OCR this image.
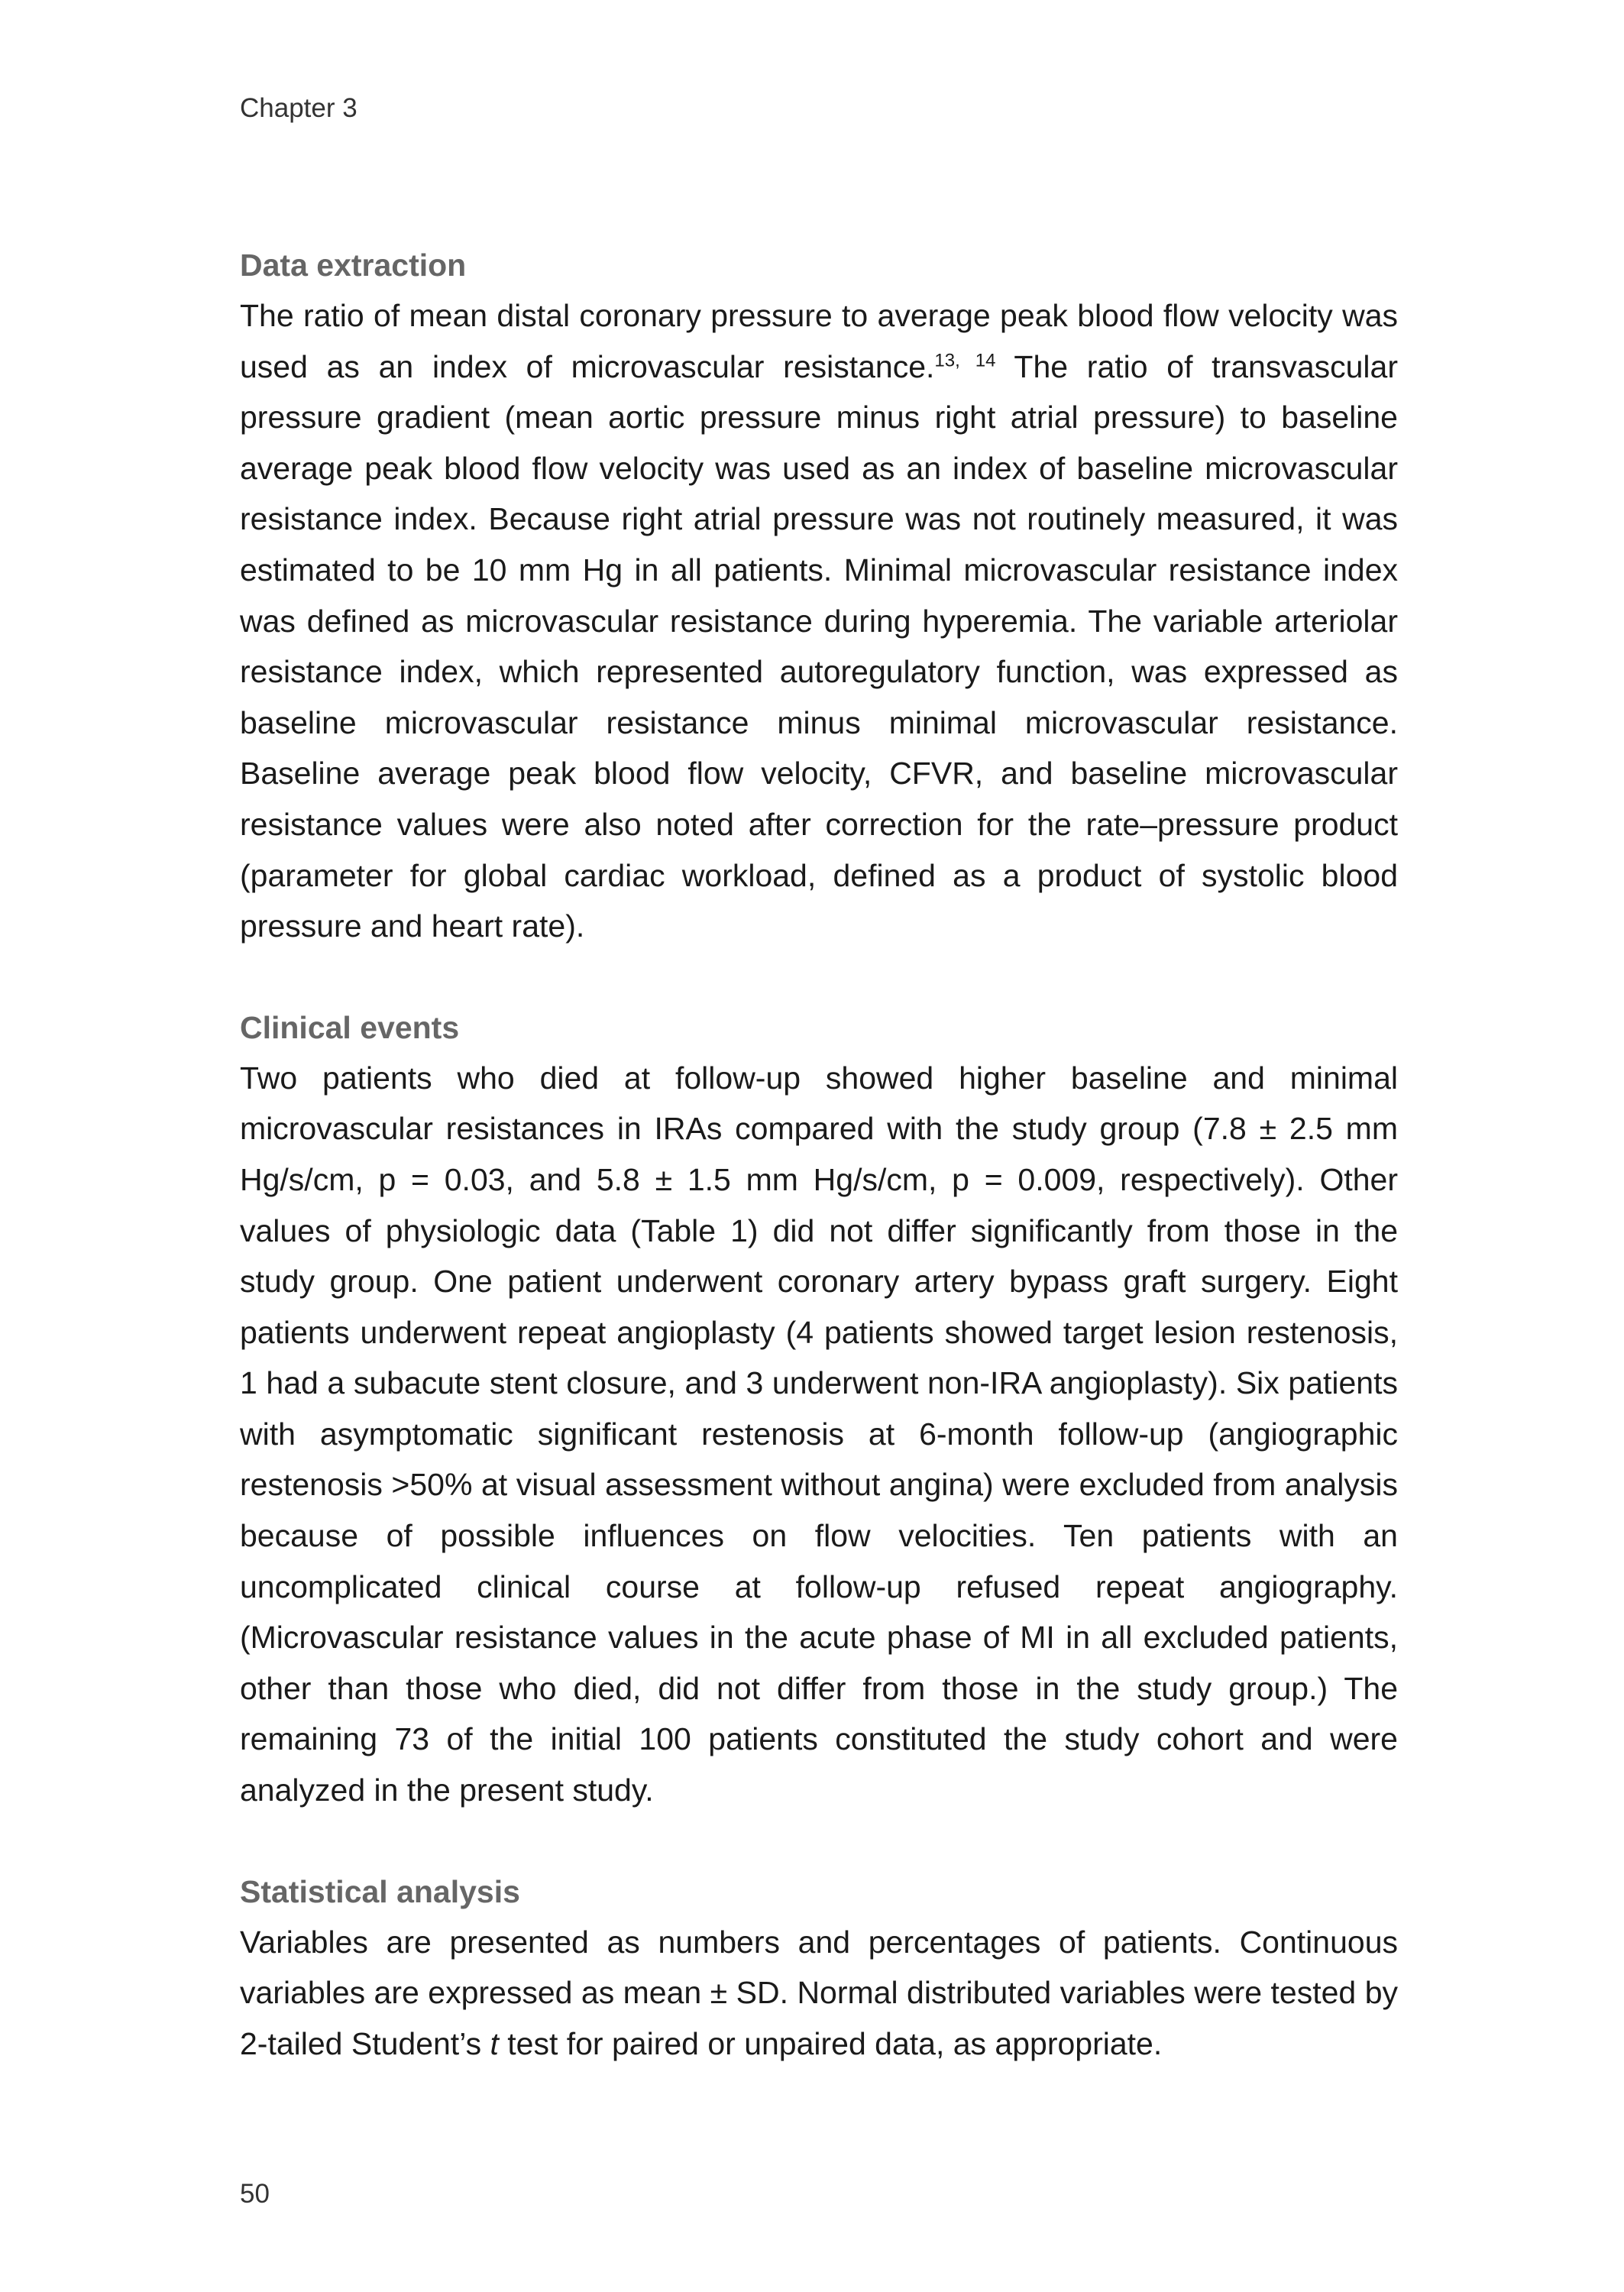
Chapter 3
Data extraction

The ratio of mean distal coronary pressure to average peak blood flow velocity was used as an index of microvascular resistance.$^{13, 14}$ The ratio of transvascular pressure gradient (mean aortic pressure minus right atrial pressure) to baseline average peak blood flow velocity was used as an index of baseline microvascular resistance index. Because right atrial pressure was not routinely measured, it was estimated to be 10 mm Hg in all patients. Minimal microvascular resistance index was defined as microvascular resistance during hyperemia. The variable arteriolar resistance index, which represented autoregulatory function, was expressed as baseline microvascular resistance minus minimal microvascular resistance. Baseline average peak blood flow velocity, CFVR, and baseline microvascular resistance values were also noted after correction for the rate–pressure product (parameter for global cardiac workload, defined as a product of systolic blood pressure and heart rate).

Clinical events

Two patients who died at follow-up showed higher baseline and minimal microvascular resistances in IRAs compared with the study group (7.8 ± 2.5 mm Hg/s/cm, p = 0.03, and 5.8 ± 1.5 mm Hg/s/cm, p = 0.009, respectively). Other values of physiologic data (Table 1) did not differ significantly from those in the study group. One patient underwent coronary artery bypass graft surgery. Eight patients underwent repeat angioplasty (4 patients showed target lesion restenosis, 1 had a subacute stent closure, and 3 underwent non-IRA angioplasty). Six patients with asymptomatic significant restenosis at 6-month follow-up (angiographic restenosis >50% at visual assessment without angina) were excluded from analysis because of possible influences on flow velocities. Ten patients with an uncomplicated clinical course at follow-up refused repeat angiography. (Microvascular resistance values in the acute phase of MI in all excluded patients, other than those who died, did not differ from those in the study group.) The remaining 73 of the initial 100 patients constituted the study cohort and were analyzed in the present study.

Statistical analysis

Variables are presented as numbers and percentages of patients. Continuous variables are expressed as mean ± SD. Normal distributed variables were tested by 2-tailed Student’s t test for paired or unpaired data, as appropriate.

50
